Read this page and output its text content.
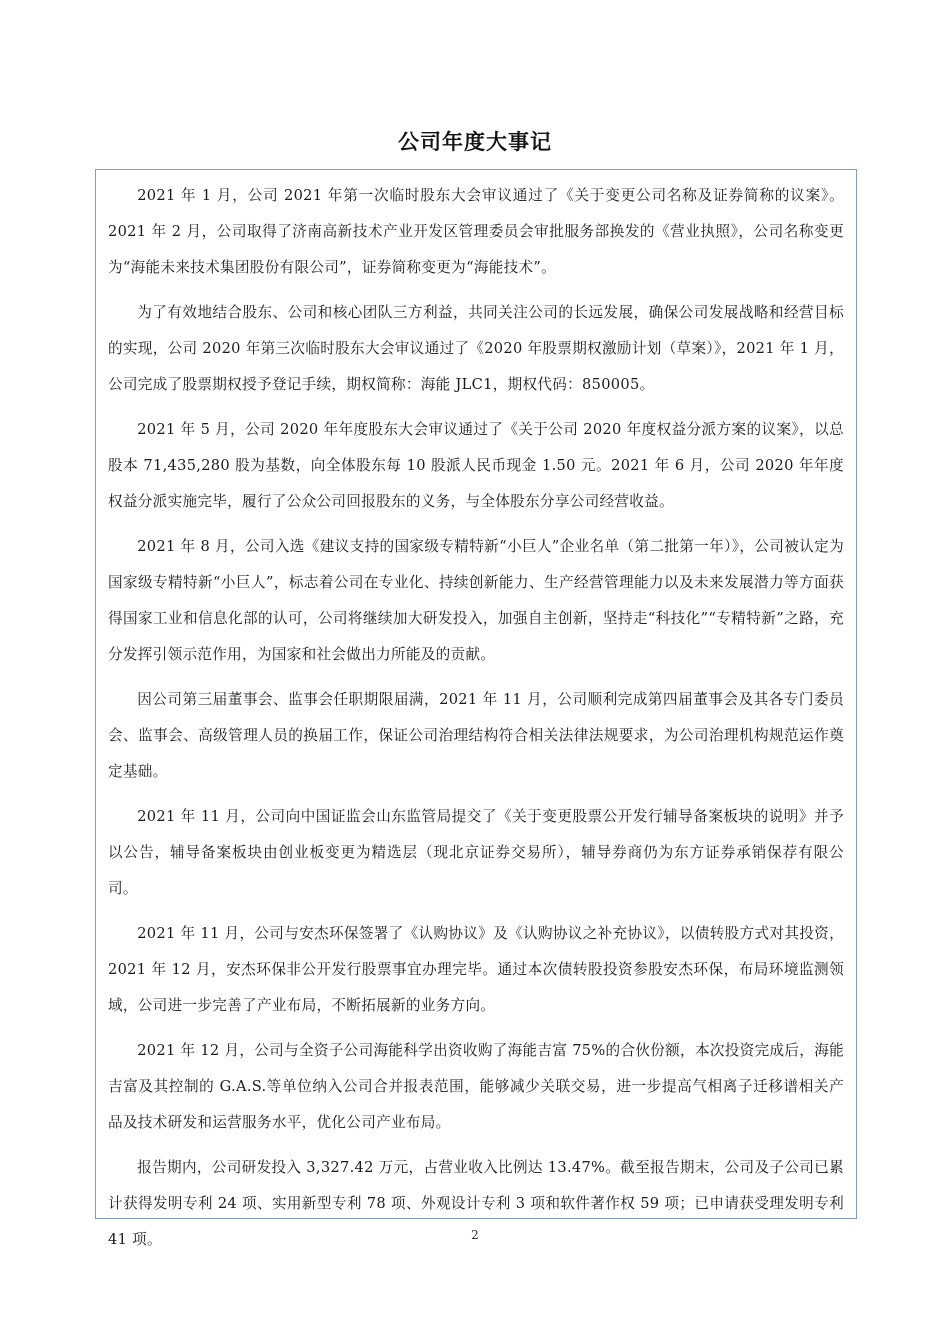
公司年度大事记

2021 年 1 月，公司 2021 年第一次临时股东大会审议通过了《关于变更公司名称及证券简称的议案》。2021 年 2 月，公司取得了济南高新技术产业开发区管理委员会审批服务部换发的《营业执照》，公司名称变更为“海能未来技术集团股份有限公司”，证券简称变更为“海能技术”。

为了有效地结合股东、公司和核心团队三方利益，共同关注公司的长远发展，确保公司发展战略和经营目标的实现，公司 2020 年第三次临时股东大会审议通过了《2020 年股票期权激励计划（草案）》，2021 年 1 月，公司完成了股票期权授予登记手续，期权简称：海能 JLC1，期权代码：850005。

2021 年 5 月，公司 2020 年年度股东大会审议通过了《关于公司 2020 年度权益分派方案的议案》，以总股本 71,435,280 股为基数，向全体股东每 10 股派人民币现金 1.50 元。2021 年 6 月，公司 2020 年年度权益分派实施完毕，履行了公众公司回报股东的义务，与全体股东分享公司经营收益。

2021 年 8 月，公司入选《建议支持的国家级专精特新“小巨人”企业名单（第二批第一年）》，公司被认定为国家级专精特新“小巨人”，标志着公司在专业化、持续创新能力、生产经营管理能力以及未来发展潜力等方面获得国家工业和信息化部的认可，公司将继续加大研发投入，加强自主创新，坚持走“科技化”“专精特新”之路，充分发挥引领示范作用，为国家和社会做出力所能及的贡献。

因公司第三届董事会、监事会任职期限届满，2021 年 11 月，公司顺利完成第四届董事会及其各专门委员会、监事会、高级管理人员的换届工作，保证公司治理结构符合相关法律法规要求，为公司治理机构规范运作奠定基础。

2021 年 11 月，公司向中国证监会山东监管局提交了《关于变更股票公开发行辅导备案板块的说明》并予以公告，辅导备案板块由创业板变更为精选层（现北京证券交易所），辅导券商仍为东方证券承销保荐有限公司。

2021 年 11 月，公司与安杰环保签署了《认购协议》及《认购协议之补充协议》，以债转股方式对其投资，2021 年 12 月，安杰环保非公开发行股票事宜办理完毕。通过本次债转股投资参股安杰环保，布局环境监测领域，公司进一步完善了产业布局，不断拓展新的业务方向。

2021 年 12 月，公司与全资子公司海能科学出资收购了海能吉富 75%的合伙份额，本次投资完成后，海能吉富及其控制的 G.A.S.等单位纳入公司合并报表范围，能够减少关联交易，进一步提高气相离子迁移谱相关产品及技术研发和运营服务水平，优化公司产业布局。

报告期内，公司研发投入 3,327.42 万元，占营业收入比例达 13.47%。截至报告期末，公司及子公司已累计获得发明专利 24 项、实用新型专利 78 项、外观设计专利 3 项和软件著作权 59 项；已申请获受理发明专利 41 项。	2
